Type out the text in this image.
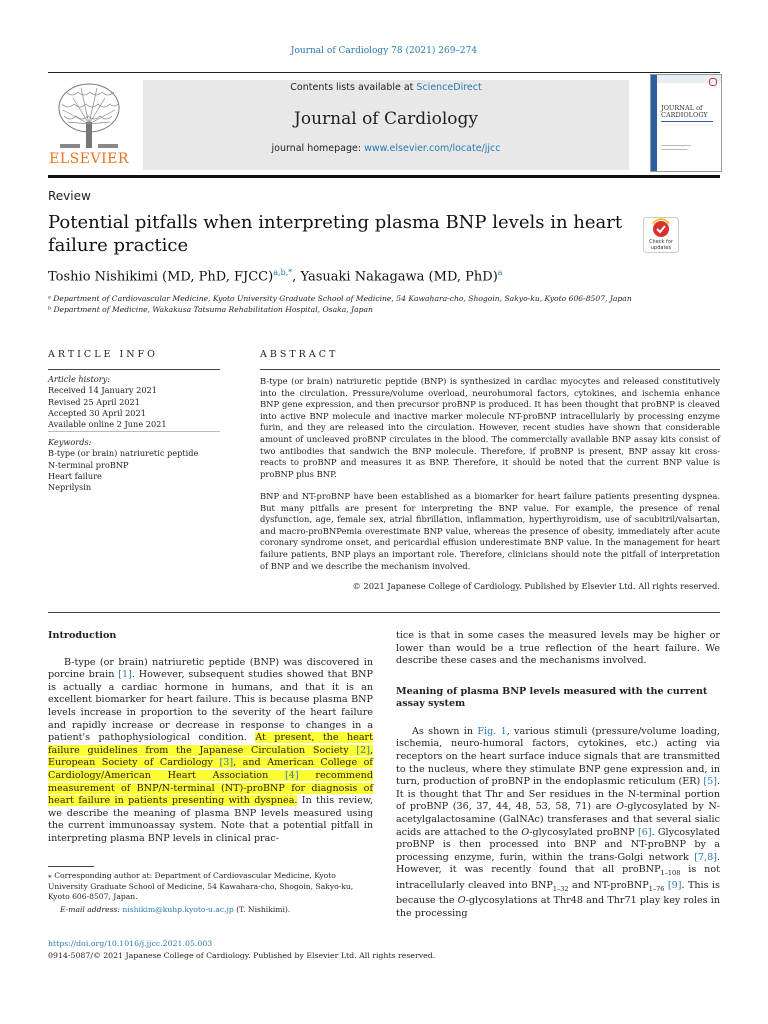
Journal of Cardiology 78 (2021) 269–274
ELSEVIER
Contents lists available at ScienceDirect
Journal of Cardiology
journal homepage: www.elsevier.com/locate/jjcc
JOURNAL of
CARDIOLOGY
Review
Potential pitfalls when interpreting plasma BNP levels in heart failure practice	Check for
updates
Toshio Nishikimi (MD, PhD, FJCC)$^{a,b,*}$, Yasuaki Nakagawa (MD, PhD)$^a$
ᵃ Department of Cardiovascular Medicine, Kyoto University Graduate School of Medicine, 54 Kawahara-cho, Shogoin, Sakyo-ku, Kyoto 606-8507, Japan
ᵇ Department of Medicine, Wakakusa Tatsuma Rehabilitation Hospital, Osaka, Japan
ARTICLE INFO
Article history:
Received 14 January 2021
Revised 25 April 2021
Accepted 30 April 2021
Available online 2 June 2021
Keywords:
B-type (or brain) natriuretic peptide
N-terminal proBNP
Heart failure
Neprilysin
ABSTRACT
B-type (or brain) natriuretic peptide (BNP) is synthesized in cardiac myocytes and released constitutively into the circulation. Pressure/volume overload, neurohumoral factors, cytokines, and ischemia enhance BNP gene expression, and then precursor proBNP is produced. It has been thought that proBNP is cleaved into active BNP molecule and inactive marker molecule NT-proBNP intracellularly by processing enzyme furin, and they are released into the circulation. However, recent studies have shown that considerable amount of uncleaved proBNP circulates in the blood. The commercially available BNP assay kits consist of two antibodies that sandwich the BNP molecule. Therefore, if proBNP is present, BNP assay kit cross-reacts to proBNP and measures it as BNP. Therefore, it should be noted that the current BNP value is proBNP plus BNP.
BNP and NT-proBNP have been established as a biomarker for heart failure patients presenting dyspnea. But many pitfalls are present for interpreting the BNP value. For example, the presence of renal dysfunction, age, female sex, atrial fibrillation, inflammation, hyperthyroidism, use of sacubitril/valsartan, and macro-proBNPemia overestimate BNP value, whereas the presence of obesity, immediately after acute coronary syndrome onset, and pericardial effusion underestimate BNP value. In the management for heart failure patients, BNP plays an important role. Therefore, clinicians should note the pitfall of interpretation of BNP and we describe the mechanism involved.
© 2021 Japanese College of Cardiology. Published by Elsevier Ltd. All rights reserved.

Introduction

B-type (or brain) natriuretic peptide (BNP) was discovered in porcine brain [1]. However, subsequent studies showed that BNP is actually a cardiac hormone in humans, and that it is an excellent biomarker for heart failure. This is because plasma BNP levels increase in proportion to the severity of the heart failure and rapidly increase or decrease in response to changes in a patient's pathophysiological condition. At present, the heart failure guidelines from the Japanese Circulation Society [2], European Society of Cardiology [3], and American College of Cardiology/American Heart Association [4] recommend measurement of BNP/N-terminal (NT)-proBNP for diagnosis of heart failure in patients presenting with dyspnea. In this review, we describe the meaning of plasma BNP levels measured using the current immunoassay system. Note that a potential pitfall in interpreting plasma BNP levels in clinical prac-

⁎ Corresponding author at: Department of Cardiovascular Medicine, Kyoto University Graduate School of Medicine, 54 Kawahara-cho, Shogoin, Sakyo-ku, Kyoto 606-8507, Japan.
E-mail address: nishikim@kuhp.kyoto-u.ac.jp (T. Nishikimi).

tice is that in some cases the measured levels may be higher or lower than would be a true reflection of the heart failure. We describe these cases and the mechanisms involved.

Meaning of plasma BNP levels measured with the current assay system

As shown in Fig. 1, various stimuli (pressure/volume loading, ischemia, neuro-humoral factors, cytokines, etc.) acting via receptors on the heart surface induce signals that are transmitted to the nucleus, where they stimulate BNP gene expression and, in turn, production of proBNP in the endoplasmic reticulum (ER) [5]. It is thought that Thr and Ser residues in the N-terminal portion of proBNP (36, 37, 44, 48, 53, 58, 71) are O-glycosylated by N-acetylgalactosamine (GalNAc) transferases and that several sialic acids are attached to the O-glycosylated proBNP [6]. Glycosylated proBNP is then processed into BNP and NT-proBNP by a processing enzyme, furin, within the trans-Golgi network [7,8]. However, it was recently found that all proBNP$_{1-108}$ is not intracellularly cleaved into $BNP_{1-32}$ and NT-proBNP$_{1-76}$ [9]. This is because the O-glycosylations at Thr48 and Thr71 play key roles in the processing

https://doi.org/10.1016/j.jjcc.2021.05.003
0914-5087/© 2021 Japanese College of Cardiology. Published by Elsevier Ltd. All rights reserved.
